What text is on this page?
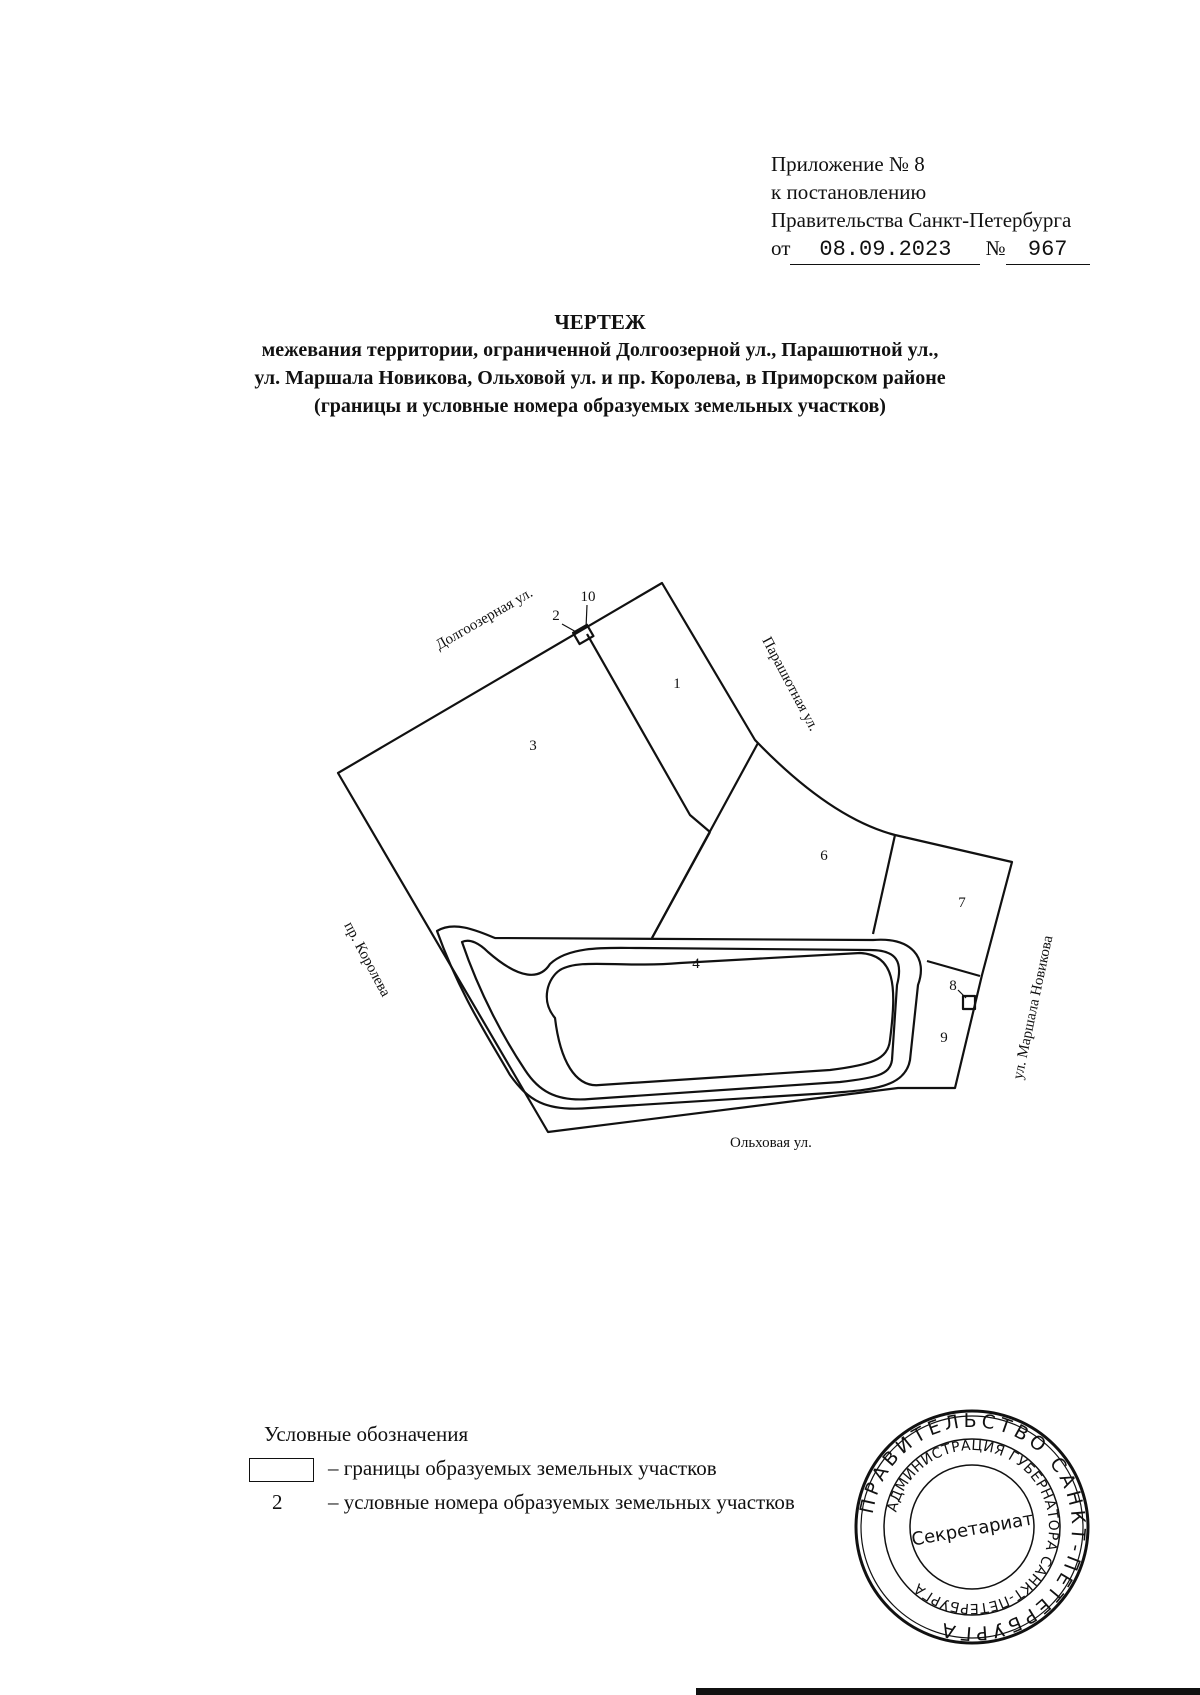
Приложение № 8
к постановлению
Правительства Санкт-Петербурга
от 08.09.2023 № 967
ЧЕРТЕЖ
межевания территории, ограниченной Долгоозерной ул., Парашютной ул.,
ул. Маршала Новикова, Ольховой ул. и пр. Королева, в Приморском районе
(границы и условные номера образуемых земельных участков)
1
2
3
4
6
7
8
9
10
Долгоозерная ул.
Парашютная ул.
ул. Маршала Новикова
Ольховая ул.
пр. Королева
Условные обозначения
– границы образуемых земельных участков
2 – условные номера образуемых земельных участков	ПРАВИТЕЛЬСТВО САНКТ-ПЕТЕРБУРГА
АДМИНИСТРАЦИЯ ГУБЕРНАТОРА САНКТ-ПЕТЕРБУРГА
Секретариат
